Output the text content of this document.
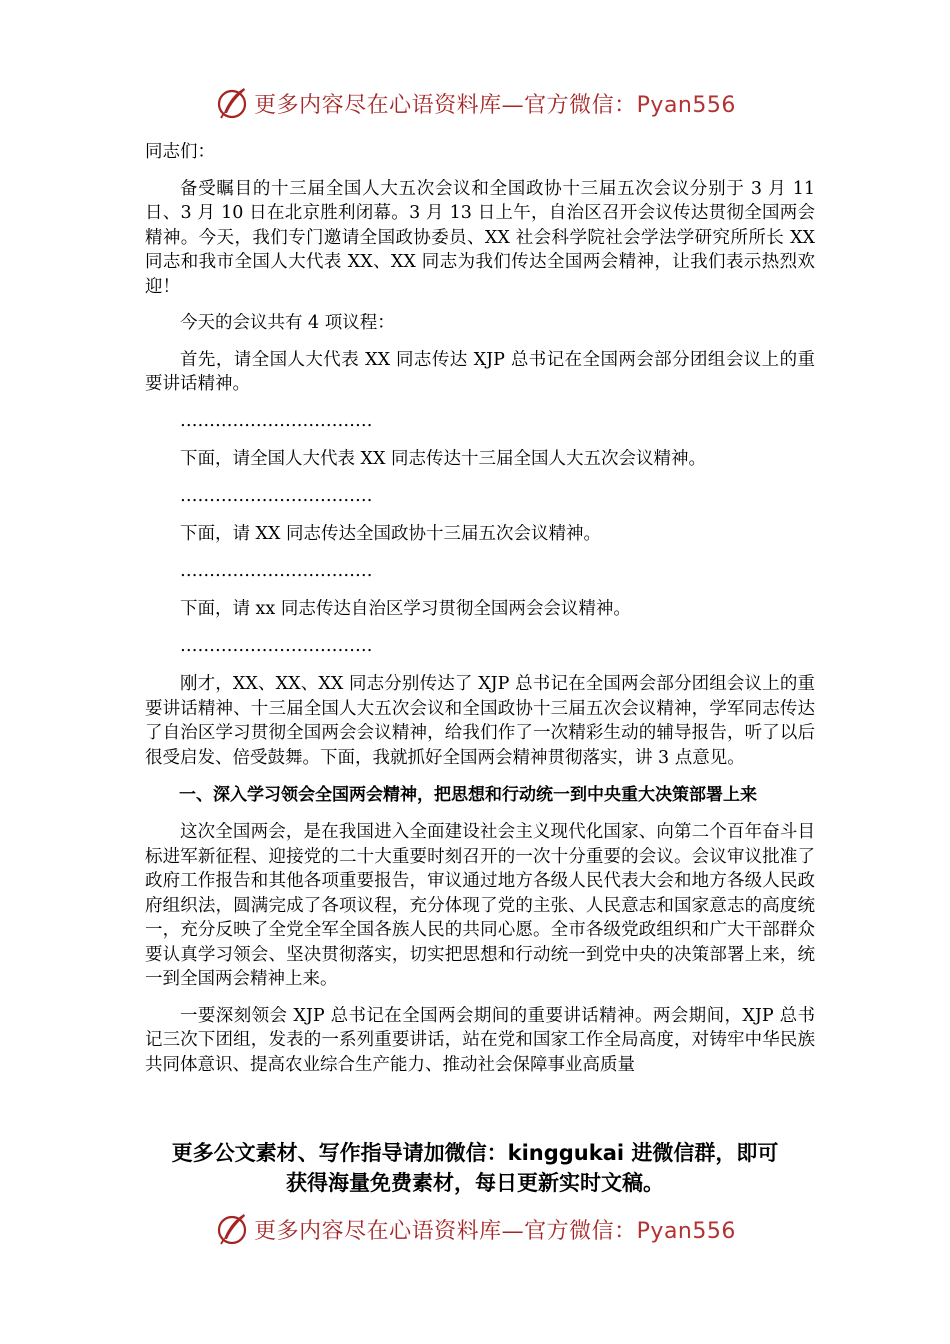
更多内容尽在心语资料库—官方微信：Pyan556

同志们：

备受瞩目的十三届全国人大五次会议和全国政协十三届五次会议分别于 3 月 11 日、3 月 10 日在北京胜利闭幕。3 月 13 日上午，自治区召开会议传达贯彻全国两会精神。今天，我们专门邀请全国政协委员、XX 社会科学院社会学法学研究所所长 XX 同志和我市全国人大代表 XX、XX 同志为我们传达全国两会精神，让我们表示热烈欢迎！

今天的会议共有 4 项议程：

首先，请全国人大代表 XX 同志传达 XJP 总书记在全国两会部分团组会议上的重要讲话精神。

……………………………

下面，请全国人大代表 XX 同志传达十三届全国人大五次会议精神。

……………………………

下面，请 XX 同志传达全国政协十三届五次会议精神。

……………………………

下面，请 xx 同志传达自治区学习贯彻全国两会会议精神。

……………………………

刚才，XX、XX、XX 同志分别传达了 XJP 总书记在全国两会部分团组会议上的重要讲话精神、十三届全国人大五次会议和全国政协十三届五次会议精神，学军同志传达了自治区学习贯彻全国两会会议精神，给我们作了一次精彩生动的辅导报告，听了以后很受启发、倍受鼓舞。下面，我就抓好全国两会精神贯彻落实，讲 3 点意见。

一、深入学习领会全国两会精神，把思想和行动统一到中央重大决策部署上来

这次全国两会，是在我国进入全面建设社会主义现代化国家、向第二个百年奋斗目标进军新征程、迎接党的二十大重要时刻召开的一次十分重要的会议。会议审议批准了政府工作报告和其他各项重要报告，审议通过地方各级人民代表大会和地方各级人民政府组织法，圆满完成了各项议程，充分体现了党的主张、人民意志和国家意志的高度统一，充分反映了全党全军全国各族人民的共同心愿。全市各级党政组织和广大干部群众要认真学习领会、坚决贯彻落实，切实把思想和行动统一到党中央的决策部署上来，统一到全国两会精神上来。

一要深刻领会 XJP 总书记在全国两会期间的重要讲话精神。两会期间，XJP 总书记三次下团组，发表的一系列重要讲话，站在党和国家工作全局高度，对铸牢中华民族共同体意识、提高农业综合生产能力、推动社会保障事业高质量

更多公文素材、写作指导请加微信：kinggukai 进微信群，即可
获得海量免费素材，每日更新实时文稿。
更多内容尽在心语资料库—官方微信：Pyan556
